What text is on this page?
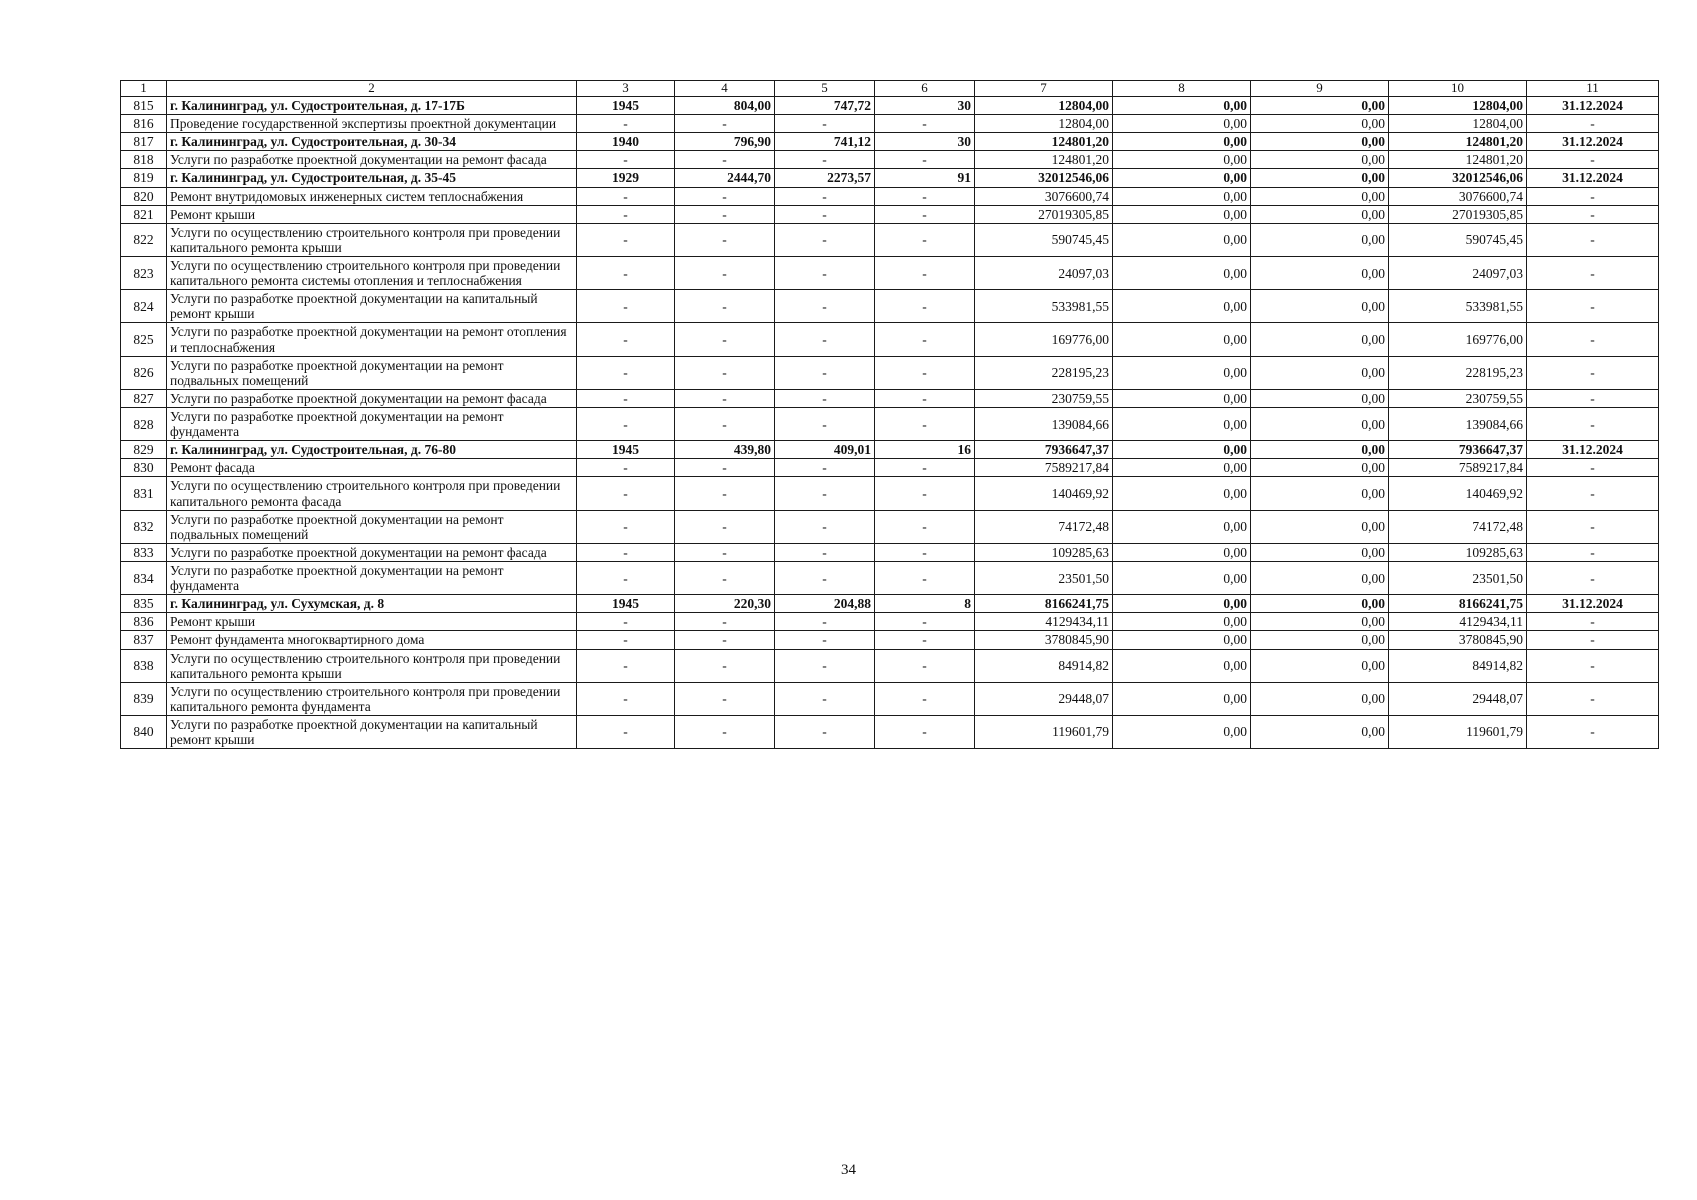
1	2	3	4	5	6	7	8	9	10	11
815	г. Калининград, ул. Судостроительная, д. 17-17Б	1945	804,00	747,72	30	12804,00	0,00	0,00	12804,00	31.12.2024
816	Проведение государственной экспертизы проектной документации	-	-	-	-	12804,00	0,00	0,00	12804,00	-
817	г. Калининград, ул. Судостроительная, д. 30-34	1940	796,90	741,12	30	124801,20	0,00	0,00	124801,20	31.12.2024
818	Услуги по разработке проектной документации на ремонт фасада	-	-	-	-	124801,20	0,00	0,00	124801,20	-
819	г. Калининград, ул. Судостроительная, д. 35-45	1929	2444,70	2273,57	91	32012546,06	0,00	0,00	32012546,06	31.12.2024
820	Ремонт внутридомовых инженерных систем теплоснабжения	-	-	-	-	3076600,74	0,00	0,00	3076600,74	-
821	Ремонт крыши	-	-	-	-	27019305,85	0,00	0,00	27019305,85	-
822	Услуги по осуществлению строительного контроля при проведении капитального ремонта крыши	-	-	-	-	590745,45	0,00	0,00	590745,45	-
823	Услуги по осуществлению строительного контроля при проведении капитального ремонта системы отопления и теплоснабжения	-	-	-	-	24097,03	0,00	0,00	24097,03	-
824	Услуги по разработке проектной документации на капитальный ремонт крыши	-	-	-	-	533981,55	0,00	0,00	533981,55	-
825	Услуги по разработке проектной документации на ремонт отопления и теплоснабжения	-	-	-	-	169776,00	0,00	0,00	169776,00	-
826	Услуги по разработке проектной документации на ремонт подвальных помещений	-	-	-	-	228195,23	0,00	0,00	228195,23	-
827	Услуги по разработке проектной документации на ремонт фасада	-	-	-	-	230759,55	0,00	0,00	230759,55	-
828	Услуги по разработке проектной документации на ремонт фундамента	-	-	-	-	139084,66	0,00	0,00	139084,66	-
829	г. Калининград, ул. Судостроительная, д. 76-80	1945	439,80	409,01	16	7936647,37	0,00	0,00	7936647,37	31.12.2024
830	Ремонт фасада	-	-	-	-	7589217,84	0,00	0,00	7589217,84	-
831	Услуги по осуществлению строительного контроля при проведении капитального ремонта фасада	-	-	-	-	140469,92	0,00	0,00	140469,92	-
832	Услуги по разработке проектной документации на ремонт подвальных помещений	-	-	-	-	74172,48	0,00	0,00	74172,48	-
833	Услуги по разработке проектной документации на ремонт фасада	-	-	-	-	109285,63	0,00	0,00	109285,63	-
834	Услуги по разработке проектной документации на ремонт фундамента	-	-	-	-	23501,50	0,00	0,00	23501,50	-
835	г. Калининград, ул. Сухумская, д. 8	1945	220,30	204,88	8	8166241,75	0,00	0,00	8166241,75	31.12.2024
836	Ремонт крыши	-	-	-	-	4129434,11	0,00	0,00	4129434,11	-
837	Ремонт фундамента многоквартирного дома	-	-	-	-	3780845,90	0,00	0,00	3780845,90	-
838	Услуги по осуществлению строительного контроля при проведении капитального ремонта крыши	-	-	-	-	84914,82	0,00	0,00	84914,82	-
839	Услуги по осуществлению строительного контроля при проведении капитального ремонта фундамента	-	-	-	-	29448,07	0,00	0,00	29448,07	-
840	Услуги по разработке проектной документации на капитальный ремонт крыши	-	-	-	-	119601,79	0,00	0,00	119601,79	-
34
